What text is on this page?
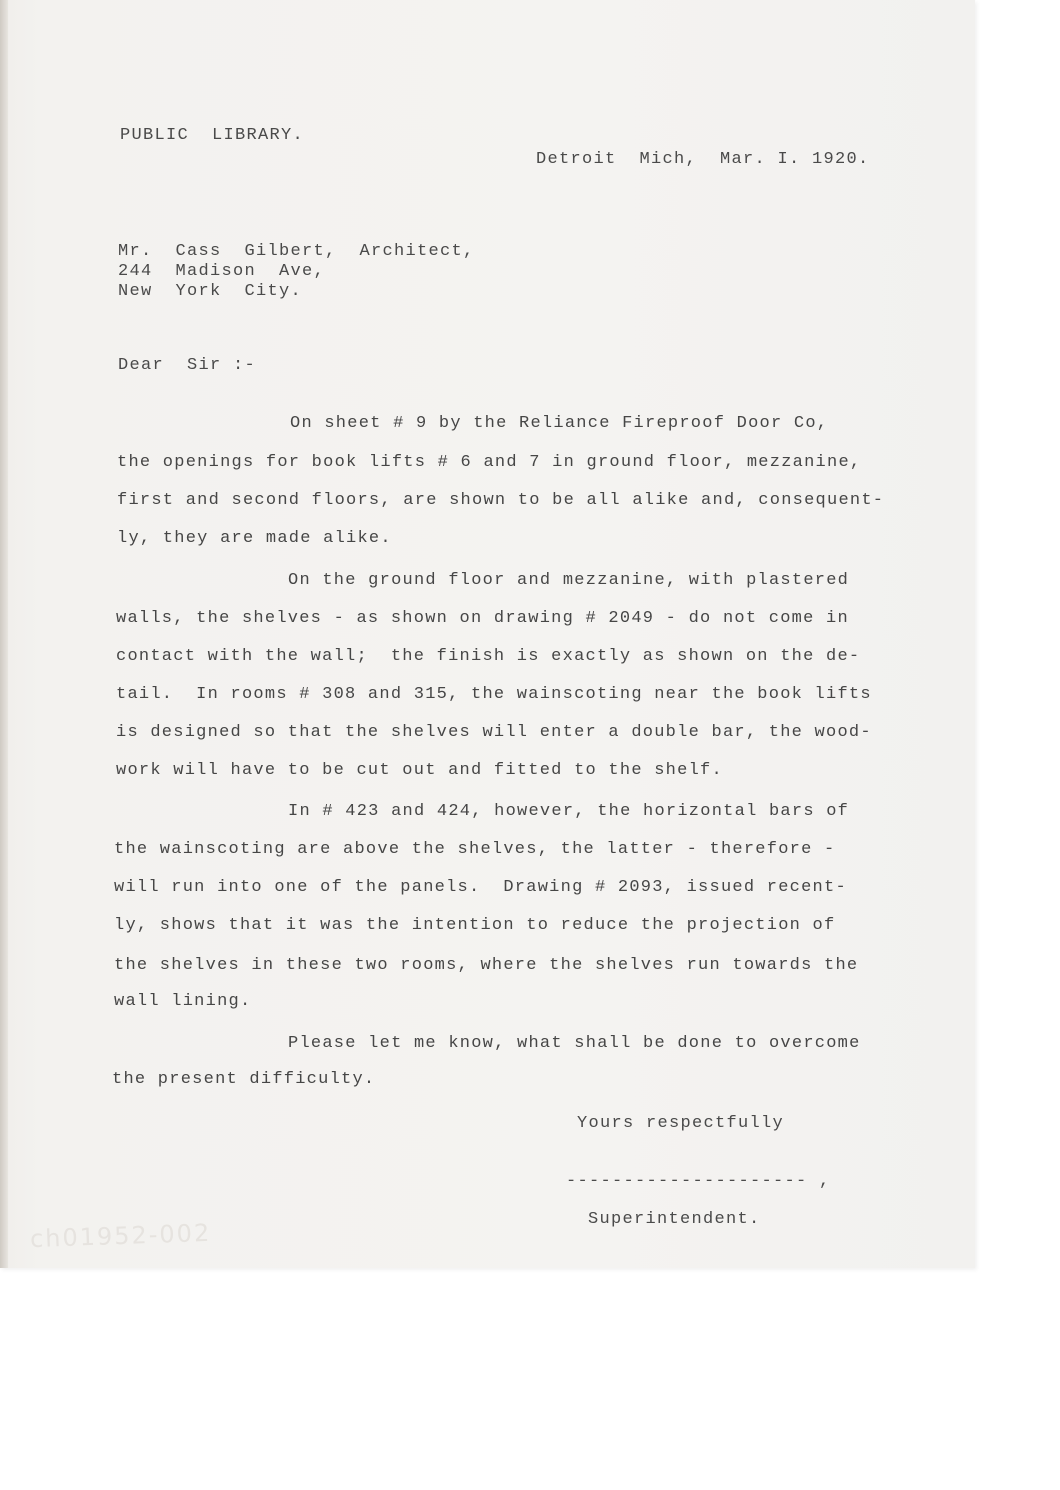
PUBLIC  LIBRARY.
Detroit  Mich,  Mar. I. 1920.
Mr.  Cass  Gilbert,  Architect,
244  Madison  Ave,
New  York  City.
Dear  Sir :-
On sheet # 9 by the Reliance Fireproof Door Co,
the openings for book lifts # 6 and 7 in ground floor, mezzanine,
first and second floors, are shown to be all alike and, consequent-
ly, they are made alike.
On the ground floor and mezzanine, with plastered
walls, the shelves - as shown on drawing # 2049 - do not come in
contact with the wall;  the finish is exactly as shown on the de-
tail.  In rooms # 308 and 315, the wainscoting near the book lifts
is designed so that the shelves will enter a double bar, the wood-
work will have to be cut out and fitted to the shelf.
In # 423 and 424, however, the horizontal bars of
the wainscoting are above the shelves, the latter - therefore -
will run into one of the panels.  Drawing # 2093, issued recent-
ly, shows that it was the intention to reduce the projection of
the shelves in these two rooms, where the shelves run towards the
wall lining.
Please let me know, what shall be done to overcome
the present difficulty.
Yours respectfully
--------------------- ,
Superintendent.
ch01952-002
